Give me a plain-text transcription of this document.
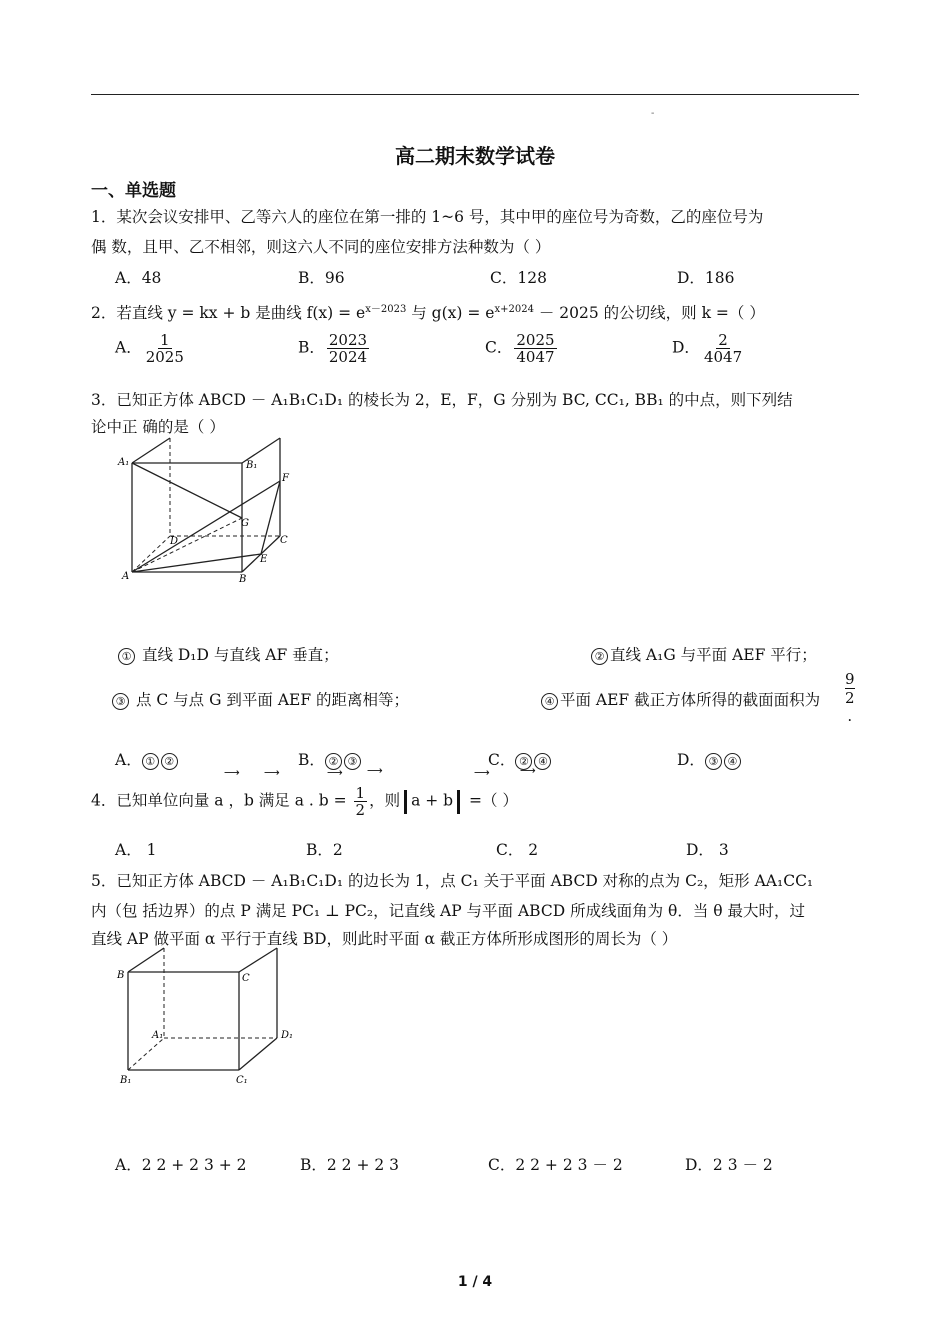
-
高二期末数学试卷
一、单选题
1．某次会议安排甲、乙等六人的座位在第一排的 1~6 号，其中甲的座位号为奇数，乙的座位号为
偶 数，且甲、乙不相邻，则这六人不同的座位安排方法种数为（ ）
A．48	B．96	C．128	D．186
2．若直线 y = kx + b 是曲线 $f(x) = e^{x-2023}$ 与 $g(x) = e^{x+2024} - 2025$ 的公切线，则 k =（ ）
A． $\frac{1}{2025}$	B． $\frac{2023}{2024}$	C． $\frac{2025}{4047}$	D． $\frac{2}{4047}$
3．已知正方体 ABCD － A₁B₁C₁D₁ 的棱长为 2，E，F，G 分别为 BC, CC₁, BB₁ 的中点，则下列结
论中正 确的是（ ）
A₁	B₁
F
G
D	C
E
A	B
① 直线 D₁D 与直线 AF 垂直；	② 直线 A₁G 与平面 AEF 平行；
③ 点 C 与点 G 到平面 AEF 的距离相等；	④ 平面 AEF 截正方体所得的截面面积为
9
2
.
A． ① ②	B． ② ③	C． ② ④	D． ③ ④
⟶ ⟶	⟶ ⟶	⟶	⟶
4．已知单位向量 a ，b 满足 a . $b = \frac{1}{2}$ ，则 a + b =（ ）
A． 1	B．2	C． 2	D． 3
5．已知正方体 ABCD － A₁B₁C₁D₁ 的边长为 1，点 C₁ 关于平面 ABCD 对称的点为 C₂，矩形 AA₁CC₁
内（包 括边界）的点 P 满足 PC₁ ⊥ PC₂，记直线 AP 与平面 ABCD 所成线面角为 θ．当 θ 最大时，过
直线 AP 做平面 α 平行于直线 BD，则此时平面 α 截正方体所形成图形的周长为（ ）
B	C
A₁	D₁
B₁	C₁
A．2 2 + 2 3 + 2	B．2 2 + 2 3	C．2 2 + 2 3 － 2	D．2 3 － 2
1 / 4
